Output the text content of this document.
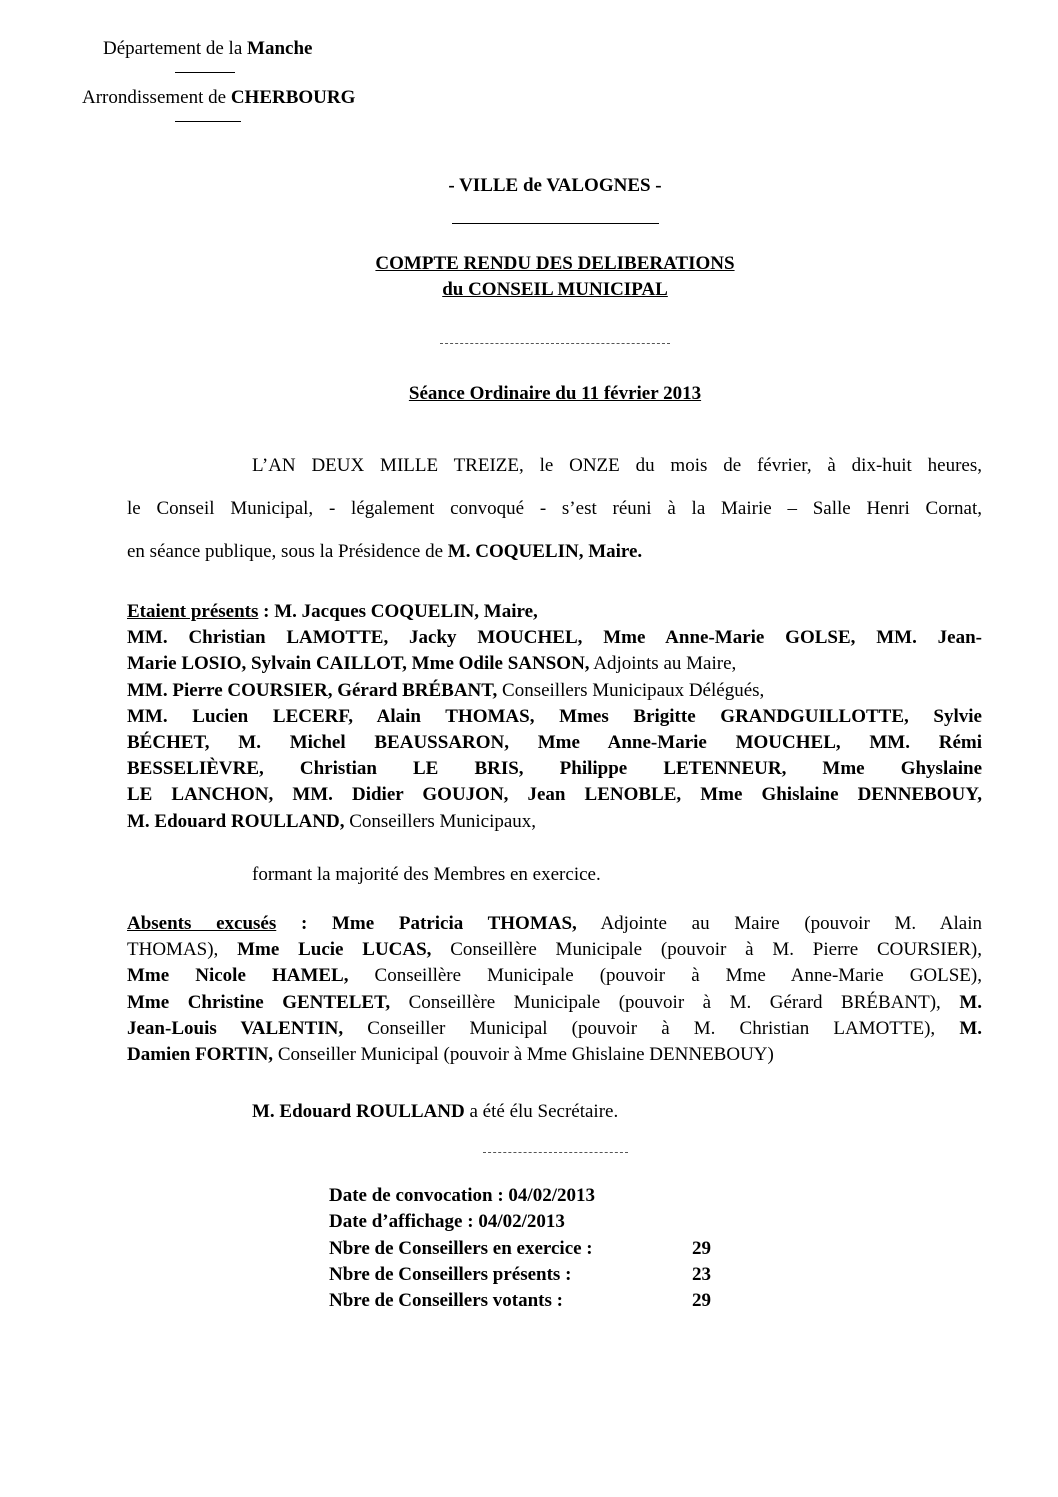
Département de la Manche
Arrondissement de CHERBOURG
- VILLE de VALOGNES -
COMPTE RENDU DES DELIBERATIONS
du CONSEIL MUNICIPAL
Séance Ordinaire du 11 février 2013
L’AN DEUX MILLE TREIZE, le ONZE du mois de février, à dix-huit heures,
le Conseil Municipal, - légalement convoqué - s’est réuni à la Mairie – Salle Henri Cornat,
en séance publique, sous la Présidence de M. COQUELIN, Maire.
Etaient présents : M. Jacques COQUELIN, Maire,
MM. Christian LAMOTTE, Jacky MOUCHEL, Mme Anne-Marie GOLSE, MM. Jean-
Marie LOSIO, Sylvain CAILLOT, Mme Odile SANSON, Adjoints au Maire,
MM. Pierre COURSIER, Gérard BRÉBANT, Conseillers Municipaux Délégués,
MM. Lucien LECERF, Alain THOMAS, Mmes Brigitte GRANDGUILLOTTE, Sylvie
BÉCHET, M. Michel BEAUSSARON, Mme Anne-Marie MOUCHEL, MM. Rémi
BESSELIÈVRE, Christian LE BRIS, Philippe LETENNEUR, Mme Ghyslaine
LE LANCHON, MM. Didier GOUJON, Jean LENOBLE, Mme Ghislaine DENNEBOUY,
M. Edouard ROULLAND, Conseillers Municipaux,
formant la majorité des Membres en exercice.
Absents excusés : Mme Patricia THOMAS, Adjointe au Maire (pouvoir M. Alain
THOMAS), Mme Lucie LUCAS, Conseillère Municipale (pouvoir à M. Pierre COURSIER),
Mme Nicole HAMEL, Conseillère Municipale (pouvoir à Mme Anne-Marie GOLSE),
Mme Christine GENTELET, Conseillère Municipale (pouvoir à M. Gérard BRÉBANT), M.
Jean-Louis VALENTIN, Conseiller Municipal (pouvoir à M. Christian LAMOTTE), M.
Damien FORTIN, Conseiller Municipal (pouvoir à Mme Ghislaine DENNEBOUY)
M. Edouard ROULLAND a été élu Secrétaire.
Date de convocation : 04/02/2013
Date d’affichage : 04/02/2013
Nbre de Conseillers en exercice :	29
Nbre de Conseillers présents :	23
Nbre de Conseillers votants :	29
